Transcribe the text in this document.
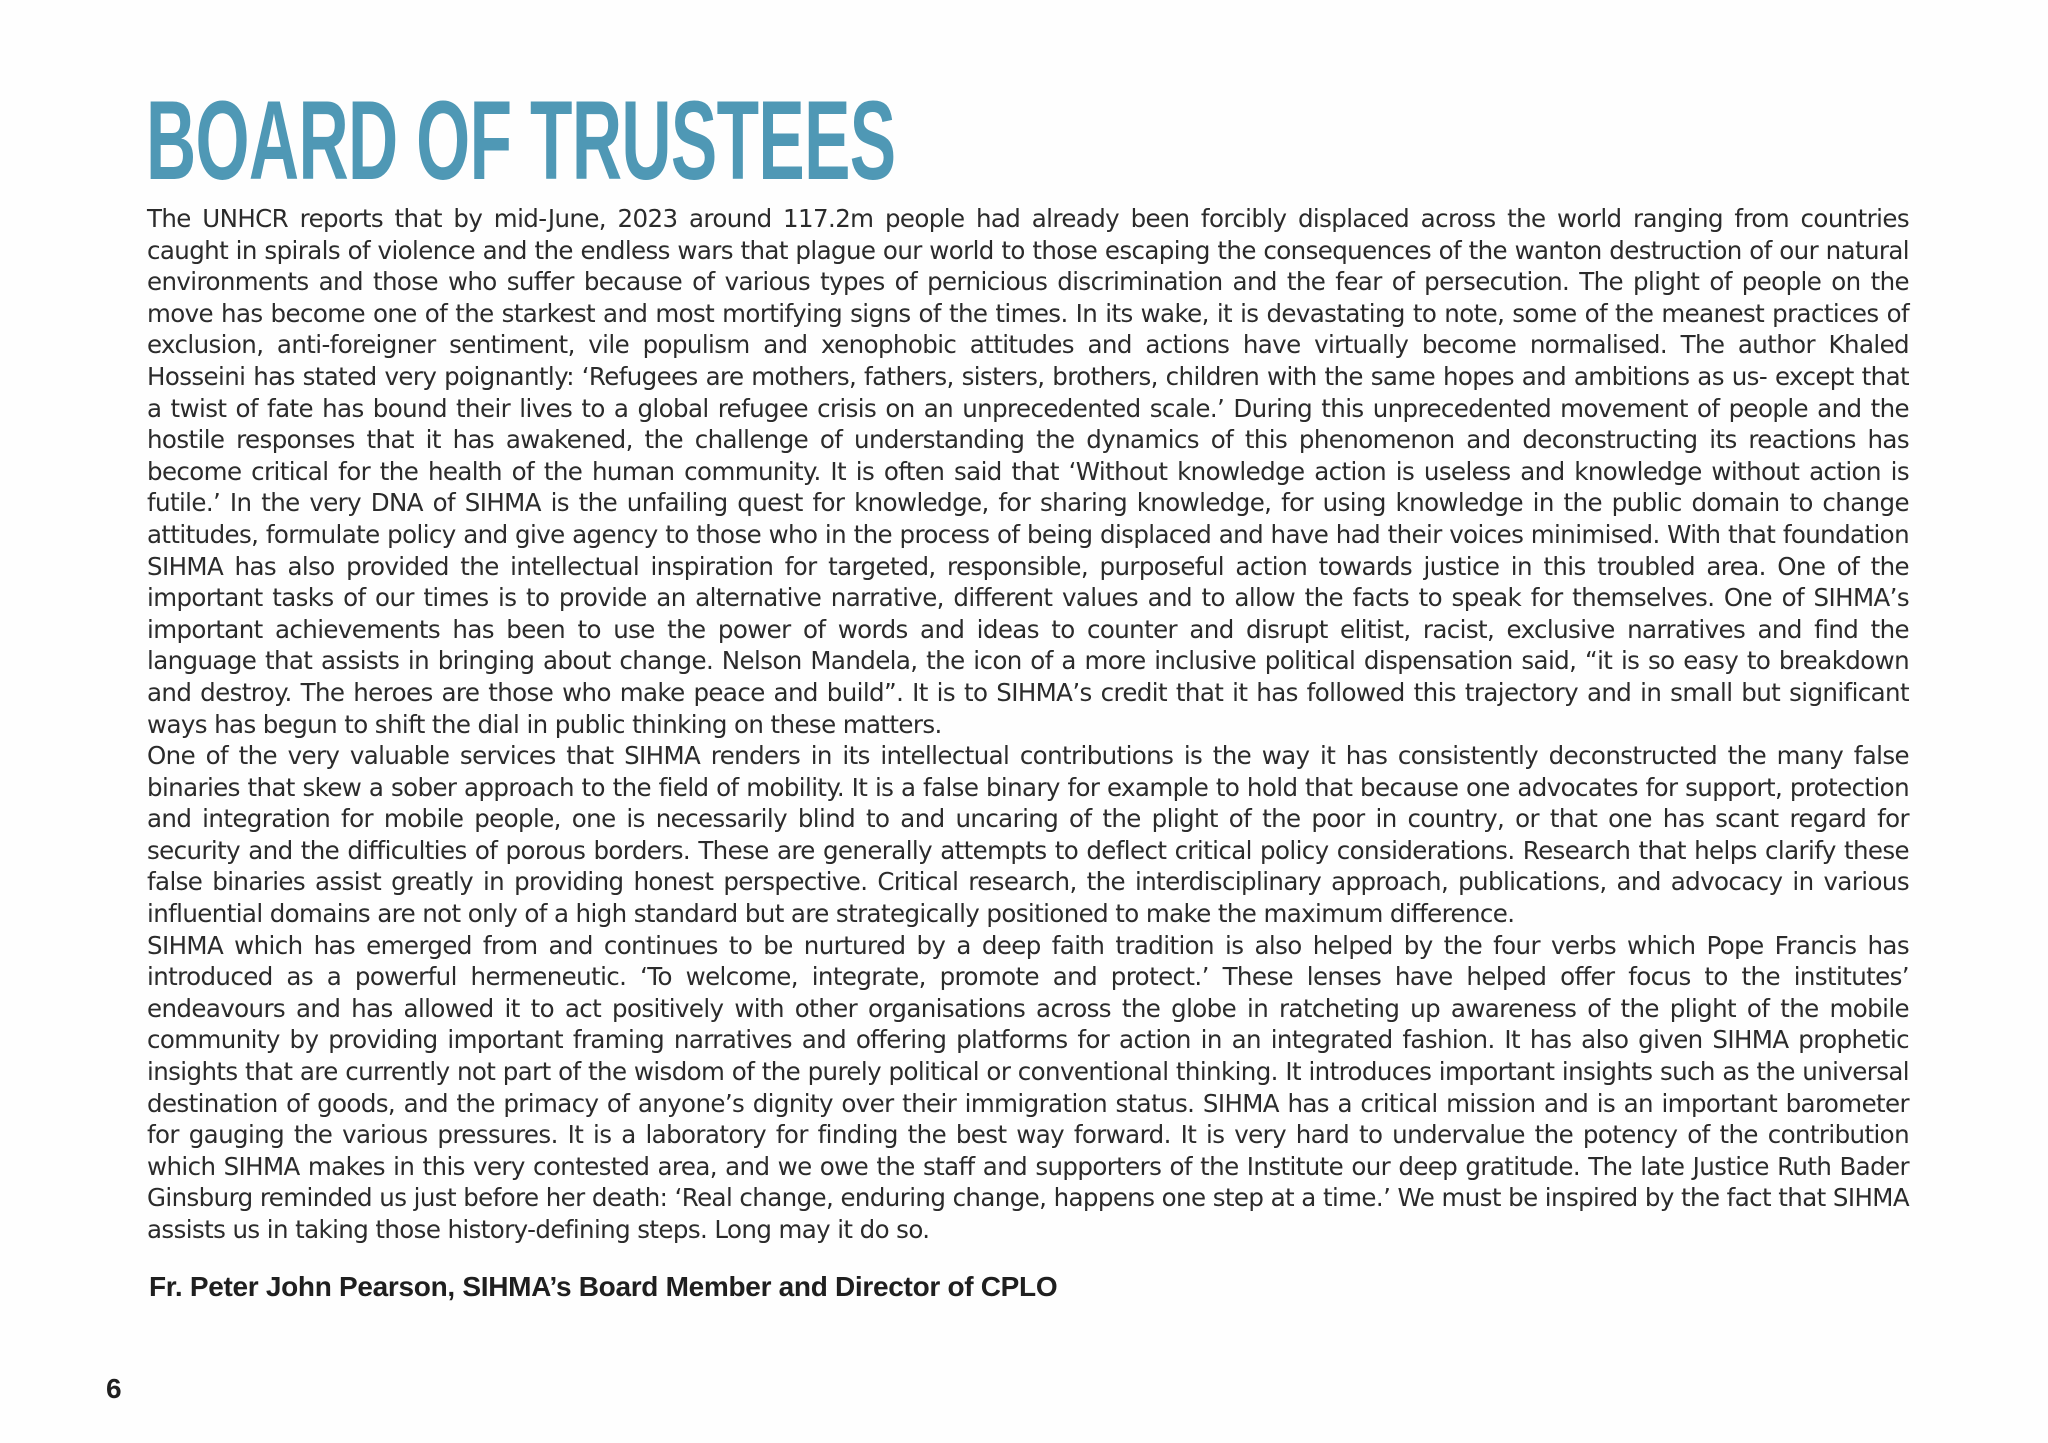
BOARD OF TRUSTEES

The UNHCR reports that by mid-June, 2023 around 117.2m people had already been forcibly displaced across the world ranging from countries caught in spirals of violence and the endless wars that plague our world to those escaping the consequences of the wanton destruction of our natural environments and those who suffer because of various types of pernicious discrimination and the fear of persecution. The plight of people on the move has become one of the starkest and most mortifying signs of the times. In its wake, it is devastating to note, some of the meanest practices of exclusion, anti-foreigner sentiment, vile populism and xenophobic attitudes and actions have virtually become normalised. The author Khaled Hosseini has stated very poignantly: ‘Refugees are mothers, fathers, sisters, brothers, children with the same hopes and ambitions as us- except that a twist of fate has bound their lives to a global refugee crisis on an unprecedented scale.’ During this unprecedented movement of people and the hostile responses that it has awakened, the challenge of understanding the dynamics of this phenomenon and deconstructing its reactions has become critical for the health of the human community. It is often said that ‘Without knowledge action is useless and knowledge without action is futile.’ In the very DNA of SIHMA is the unfailing quest for knowledge, for sharing knowledge, for using knowledge in the public domain to change attitudes, formulate policy and give agency to those who in the process of being displaced and have had their voices minimised. With that foundation SIHMA has also provided the intellectual inspiration for targeted, responsible, purposeful action towards justice in this troubled area. One of the important tasks of our times is to provide an alternative narrative, different values and to allow the facts to speak for themselves. One of SIHMA’s important achievements has been to use the power of words and ideas to counter and disrupt elitist, racist, exclusive narratives and find the language that assists in bringing about change. Nelson Mandela, the icon of a more inclusive political dispensation said, “it is so easy to breakdown and destroy. The heroes are those who make peace and build”. It is to SIHMA’s credit that it has followed this trajectory and in small but significant ways has begun to shift the dial in public thinking on these matters.

One of the very valuable services that SIHMA renders in its intellectual contributions is the way it has consistently deconstructed the many false binaries that skew a sober approach to the field of mobility. It is a false binary for example to hold that because one advocates for support, protection and integration for mobile people, one is necessarily blind to and uncaring of the plight of the poor in country, or that one has scant regard for security and the difficulties of porous borders. These are generally attempts to deflect critical policy considerations. Research that helps clarify these false binaries assist greatly in providing honest perspective. Critical research, the interdisciplinary approach, publications, and advocacy in various influential domains are not only of a high standard but are strategically positioned to make the maximum difference.

SIHMA which has emerged from and continues to be nurtured by a deep faith tradition is also helped by the four verbs which Pope Francis has introduced as a powerful hermeneutic. ‘To welcome, integrate, promote and protect.’ These lenses have helped offer focus to the institutes’ endeavours and has allowed it to act positively with other organisations across the globe in ratcheting up awareness of the plight of the mobile community by providing important framing narratives and offering platforms for action in an integrated fashion. It has also given SIHMA prophetic insights that are currently not part of the wisdom of the purely political or conventional thinking. It introduces important insights such as the universal destination of goods, and the primacy of anyone’s dignity over their immigration status. SIHMA has a critical mission and is an important barometer for gauging the various pressures. It is a laboratory for finding the best way forward. It is very hard to undervalue the potency of the contribution which SIHMA makes in this very contested area, and we owe the staff and supporters of the Institute our deep gratitude. The late Justice Ruth Bader Ginsburg reminded us just before her death: ‘Real change, enduring change, happens one step at a time.’ We must be inspired by the fact that SIHMA assists us in taking those history-defining steps. Long may it do so.

Fr. Peter John Pearson, SIHMA’s Board Member and Director of CPLO

6
